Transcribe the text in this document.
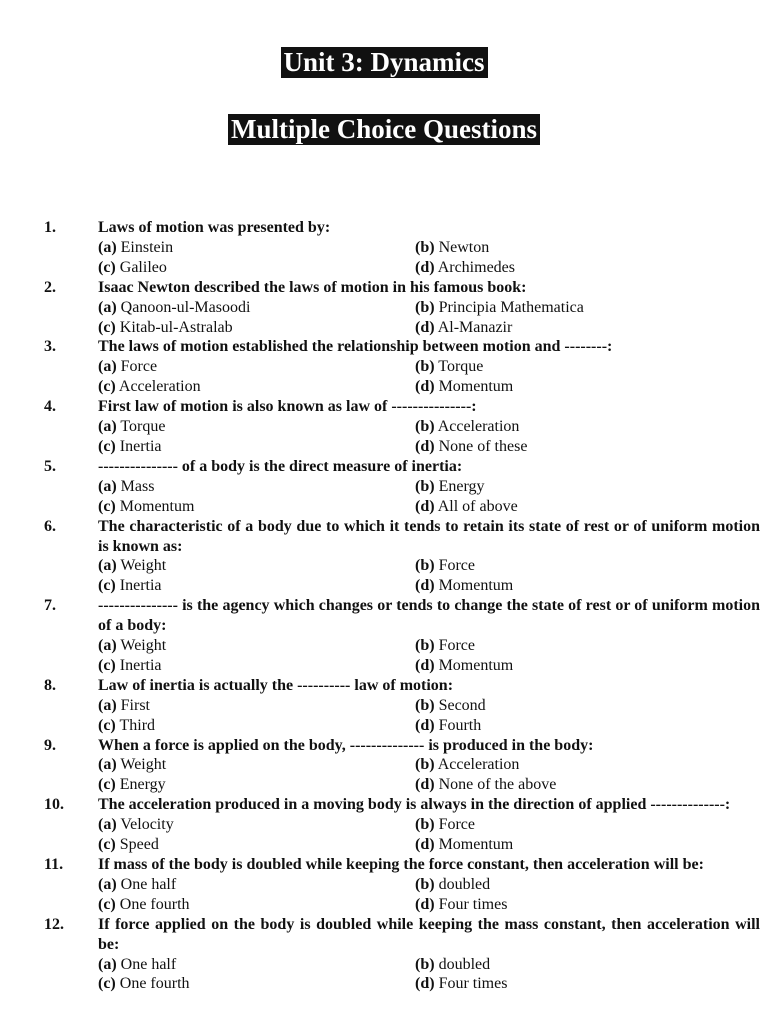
Unit 3: Dynamics
Multiple Choice Questions
1.	Laws of motion was presented by:
(a) Einstein	(b) Newton
(c) Galileo	(d) Archimedes
2.	Isaac Newton described the laws of motion in his famous book:
(a) Qanoon-ul-Masoodi	(b) Principia Mathematica
(c) Kitab-ul-Astralab	(d) Al-Manazir
3.	The laws of motion established the relationship between motion and --------:
(a) Force	(b) Torque
(c) Acceleration	(d) Momentum
4.	First law of motion is also known as law of ---------------:
(a) Torque	(b) Acceleration
(c) Inertia	(d) None of these
5.	--------------- of a body is the direct measure of inertia:
(a) Mass	(b) Energy
(c) Momentum	(d) All of above
6.	The characteristic of a body due to which it tends to retain its state of rest or of uniform motion is known as:
(a) Weight	(b) Force
(c) Inertia	(d) Momentum
7.	--------------- is the agency which changes or tends to change the state of rest or of uniform motion of a body:
(a) Weight	(b) Force
(c) Inertia	(d) Momentum
8.	Law of inertia is actually the ---------- law of motion:
(a) First	(b) Second
(c) Third	(d) Fourth
9.	When a force is applied on the body, -------------- is produced in the body:
(a) Weight	(b) Acceleration
(c) Energy	(d) None of the above
10.	The acceleration produced in a moving body is always in the direction of applied --------------:
(a) Velocity	(b) Force
(c) Speed	(d) Momentum
11.	If mass of the body is doubled while keeping the force constant, then acceleration will be:
(a) One half	(b) doubled
(c) One fourth	(d) Four times
12.	If force applied on the body is doubled while keeping the mass constant, then acceleration will be:
(a) One half	(b) doubled
(c) One fourth	(d) Four times
